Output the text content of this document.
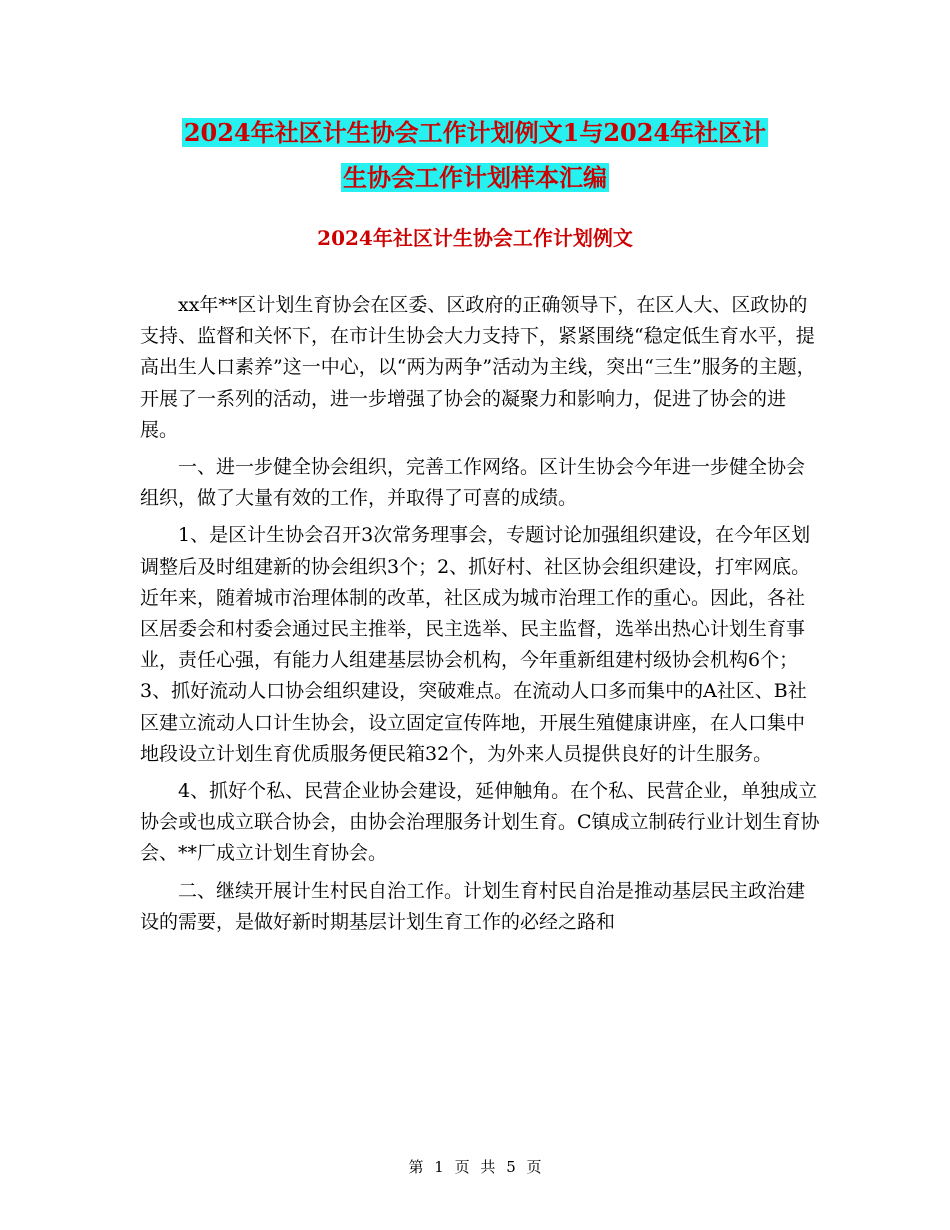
2024年社区计生协会工作计划例文1与2024年社区计
生协会工作计划样本汇编
2024年社区计生协会工作计划例文

xx年**区计划生育协会在区委、区政府的正确领导下，在区人大、区政协的支持、监督和关怀下，在市计生协会大力支持下，紧紧围绕“稳定低生育水平，提高出生人口素养”这一中心，以“两为两争”活动为主线，突出“三生”服务的主题，开展了一系列的活动，进一步增强了协会的凝聚力和影响力，促进了协会的进展。

一、进一步健全协会组织，完善工作网络。区计生协会今年进一步健全协会组织，做了大量有效的工作，并取得了可喜的成绩。

1、是区计生协会召开3次常务理事会，专题讨论加强组织建设，在今年区划调整后及时组建新的协会组织3个；2、抓好村、社区协会组织建设，打牢网底。近年来，随着城市治理体制的改革，社区成为城市治理工作的重心。因此，各社区居委会和村委会通过民主推举，民主选举、民主监督，选举出热心计划生育事业，责任心强，有能力人组建基层协会机构，今年重新组建村级协会机构6个；3、抓好流动人口协会组织建设，突破难点。在流动人口多而集中的A社区、B社区建立流动人口计生协会，设立固定宣传阵地，开展生殖健康讲座，在人口集中地段设立计划生育优质服务便民箱32个，为外来人员提供良好的计生服务。

4、抓好个私、民营企业协会建设，延伸触角。在个私、民营企业，单独成立协会或也成立联合协会，由协会治理服务计划生育。C镇成立制砖行业计划生育协会、**厂成立计划生育协会。

二、继续开展计生村民自治工作。计划生育村民自治是推动基层民主政治建设的需要，是做好新时期基层计划生育工作的必经之路和

第 1 页 共 5 页
